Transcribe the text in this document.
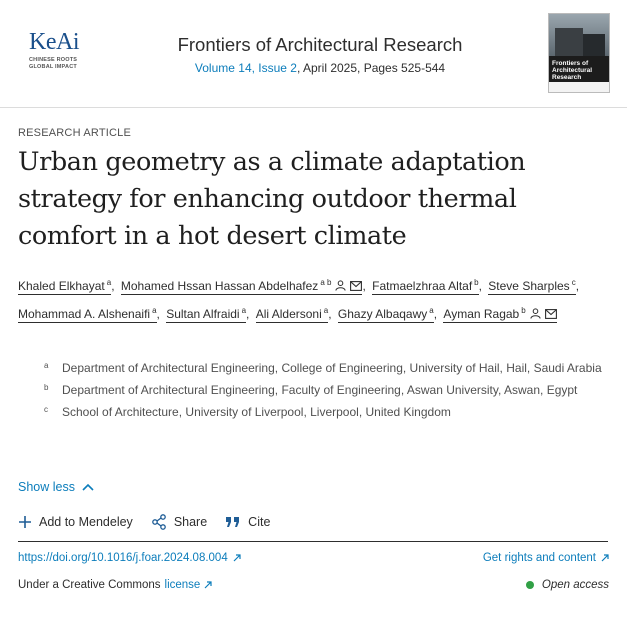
KeAi
CHINESE ROOTS
GLOBAL IMPACT
Frontiers of Architectural Research
Volume 14, Issue 2, April 2025, Pages 525-544	Frontiers of Architectural Research
RESEARCH ARTICLE
Urban geometry as a climate adaptation strategy for enhancing outdoor thermal comfort in a hot desert climate
Khaled Elkhayat $^a$, Mohamed Hssan Hassan Abdelhafez $^{a b}$	, Fatmaelzhraa Altaf $^b$, Steve Sharples $^c$, Mohammad A. Alshenaifi $^a$, Sultan Alfraidi $^a$, Ali Aldersoni $^a$, Ghazy Albaqawy $^a$, Ayman Ragab $^b$
a Department of Architectural Engineering, College of Engineering, University of Hail, Hail, Saudi Arabia
b Department of Architectural Engineering, Faculty of Engineering, Aswan University, Aswan, Egypt
c School of Architecture, University of Liverpool, Liverpool, United Kingdom
Show less
Add to Mendeley	Share	Cite
https://doi.org/10.1016/j.foar.2024.08.004	Get rights and content
Under a Creative Commons license	Open access
